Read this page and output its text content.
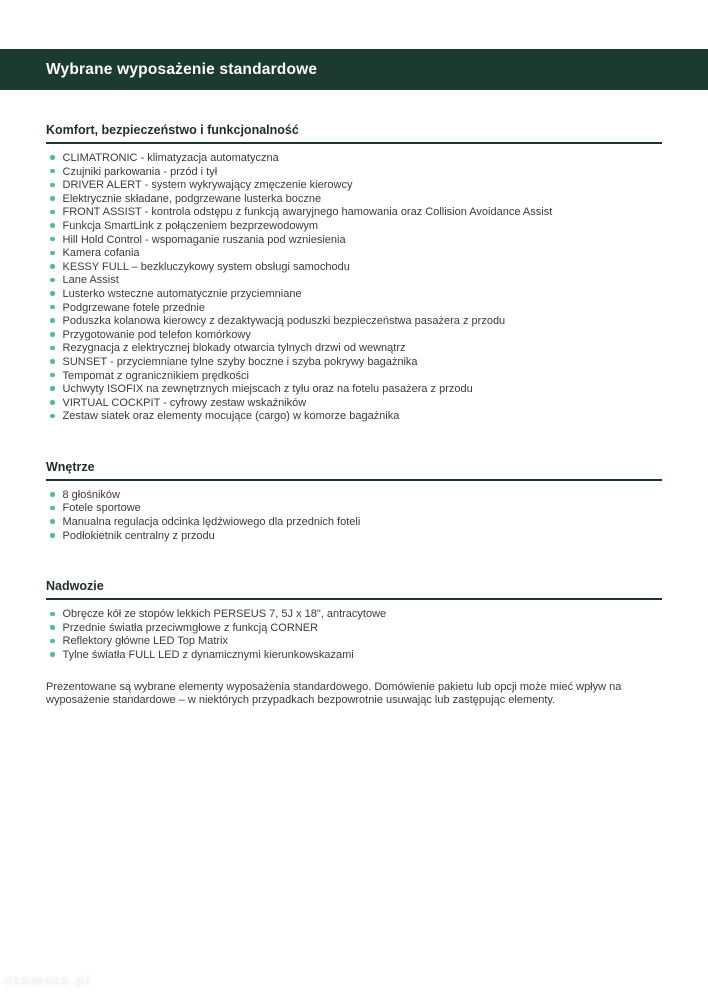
Wybrane wyposażenie standardowe
Komfort, bezpieczeństwo i funkcjonalność
CLIMATRONIC - klimatyzacja automatyczna
Czujniki parkowania - przód i tył
DRIVER ALERT - system wykrywający zmęczenie kierowcy
Elektrycznie składane, podgrzewane lusterka boczne
FRONT ASSIST - kontrola odstępu z funkcją awaryjnego hamowania oraz Collision Avoidance Assist
Funkcja SmartLink z połączeniem bezprzewodowym
Hill Hold Control - wspomaganie ruszania pod wzniesienia
Kamera cofania
KESSY FULL – bezkluczykowy system obsługi samochodu
Lane Assist
Lusterko wsteczne automatycznie przyciemniane
Podgrzewane fotele przednie
Poduszka kolanowa kierowcy z dezaktywacją poduszki bezpieczeństwa pasażera z przodu
Przygotowanie pod telefon komórkowy
Rezygnacja z elektrycznej blokady otwarcia tylnych drzwi od wewnątrz
SUNSET - przyciemniane tylne szyby boczne i szyba pokrywy bagażnika
Tempomat z ogranicznikiem prędkości
Uchwyty ISOFIX na zewnętrznych miejscach z tyłu oraz na fotelu pasażera z przodu
VIRTUAL COCKPIT - cyfrowy zestaw wskaźników
Zestaw siatek oraz elementy mocujące (cargo) w komorze bagażnika
Wnętrze
8 głośników
Fotele sportowe
Manualna regulacja odcinka lędźwiowego dla przednich foteli
Podłokietnik centralny z przodu
Nadwozie
Obręcze kół ze stopów lekkich PERSEUS 7, 5J x 18", antracytowe
Przednie światła przeciwmgłowe z funkcją CORNER
Reflektory główne LED Top Matrix
Tylne światła FULL LED z dynamicznymi kierunkowskazami

Prezentowane są wybrane elementy wyposażenia standardowego. Domówienie pakietu lub opcji może mieć wpływ na wyposażenie standardowe – w niektórych przypadkach bezpowrotnie usuwając lub zastępując elementy.

otomoto.pl
